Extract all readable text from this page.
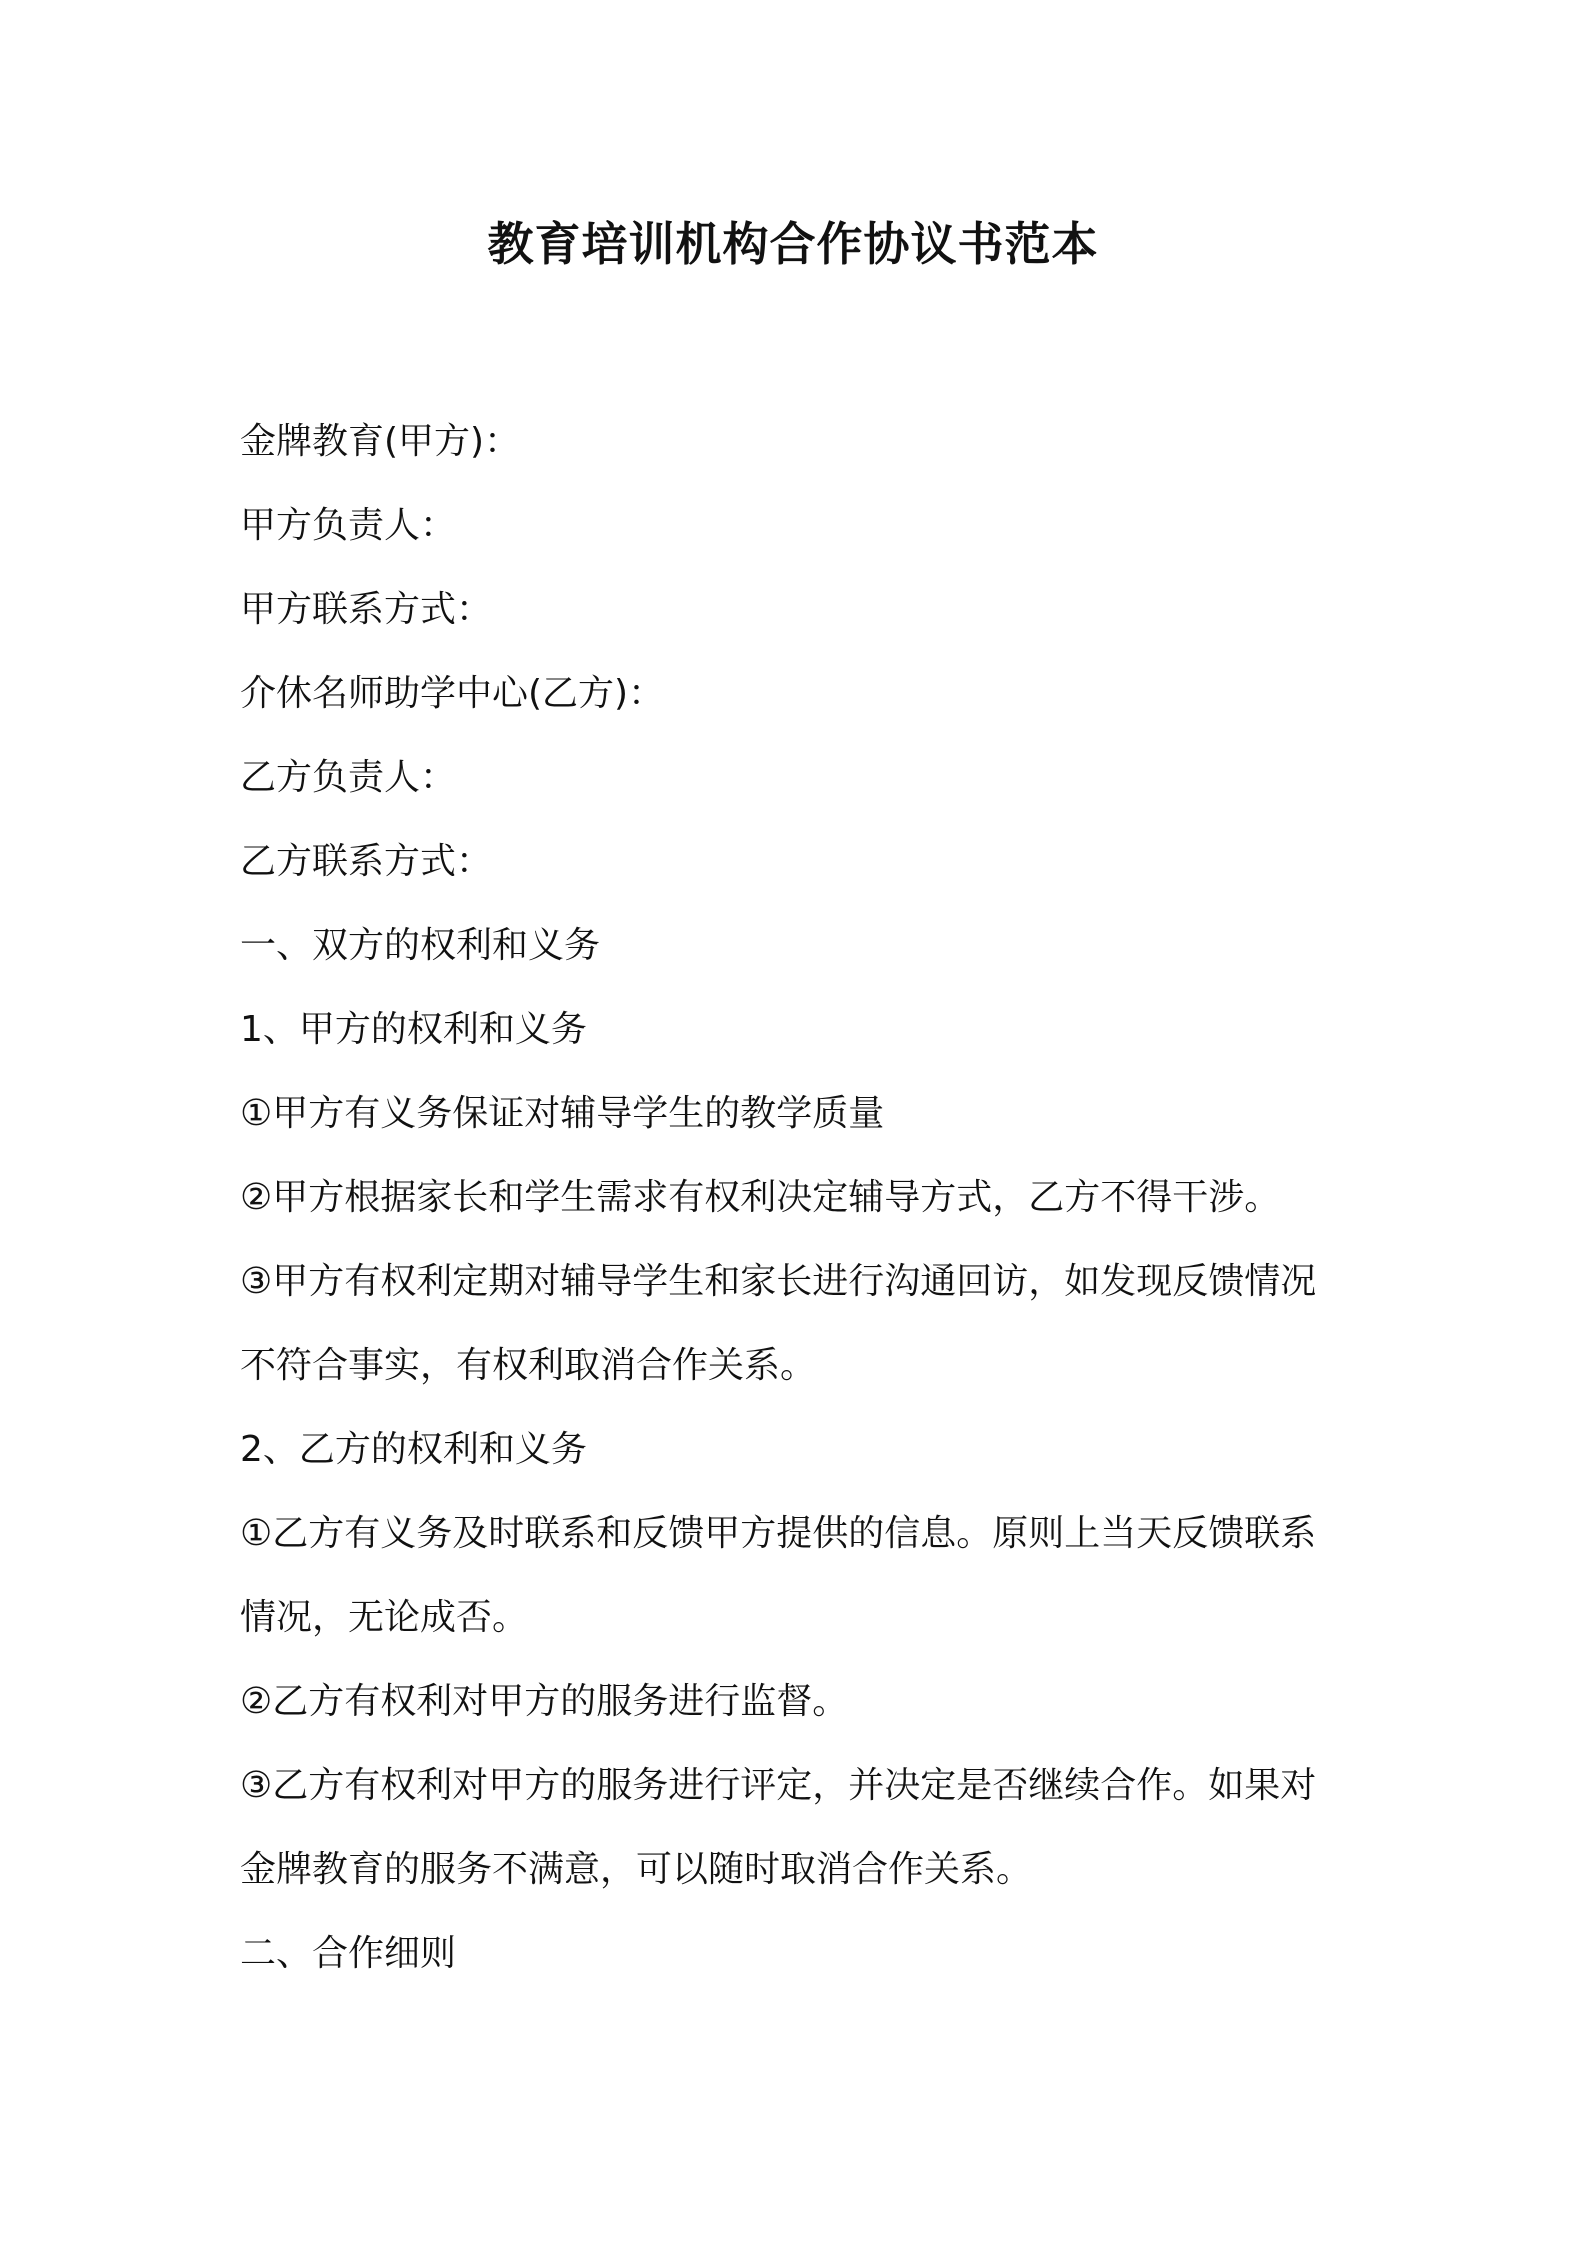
教育培训机构合作协议书范本
金牌教育(甲方)：
甲方负责人：
甲方联系方式：
介休名师助学中心(乙方)：
乙方负责人：
乙方联系方式：
一、双方的权利和义务
1、甲方的权利和义务
①甲方有义务保证对辅导学生的教学质量
②甲方根据家长和学生需求有权利决定辅导方式，乙方不得干涉。
③甲方有权利定期对辅导学生和家长进行沟通回访，如发现反馈情况
不符合事实，有权利取消合作关系。
2、乙方的权利和义务
①乙方有义务及时联系和反馈甲方提供的信息。原则上当天反馈联系
情况，无论成否。
②乙方有权利对甲方的服务进行监督。
③乙方有权利对甲方的服务进行评定，并决定是否继续合作。如果对
金牌教育的服务不满意，可以随时取消合作关系。
二、合作细则
